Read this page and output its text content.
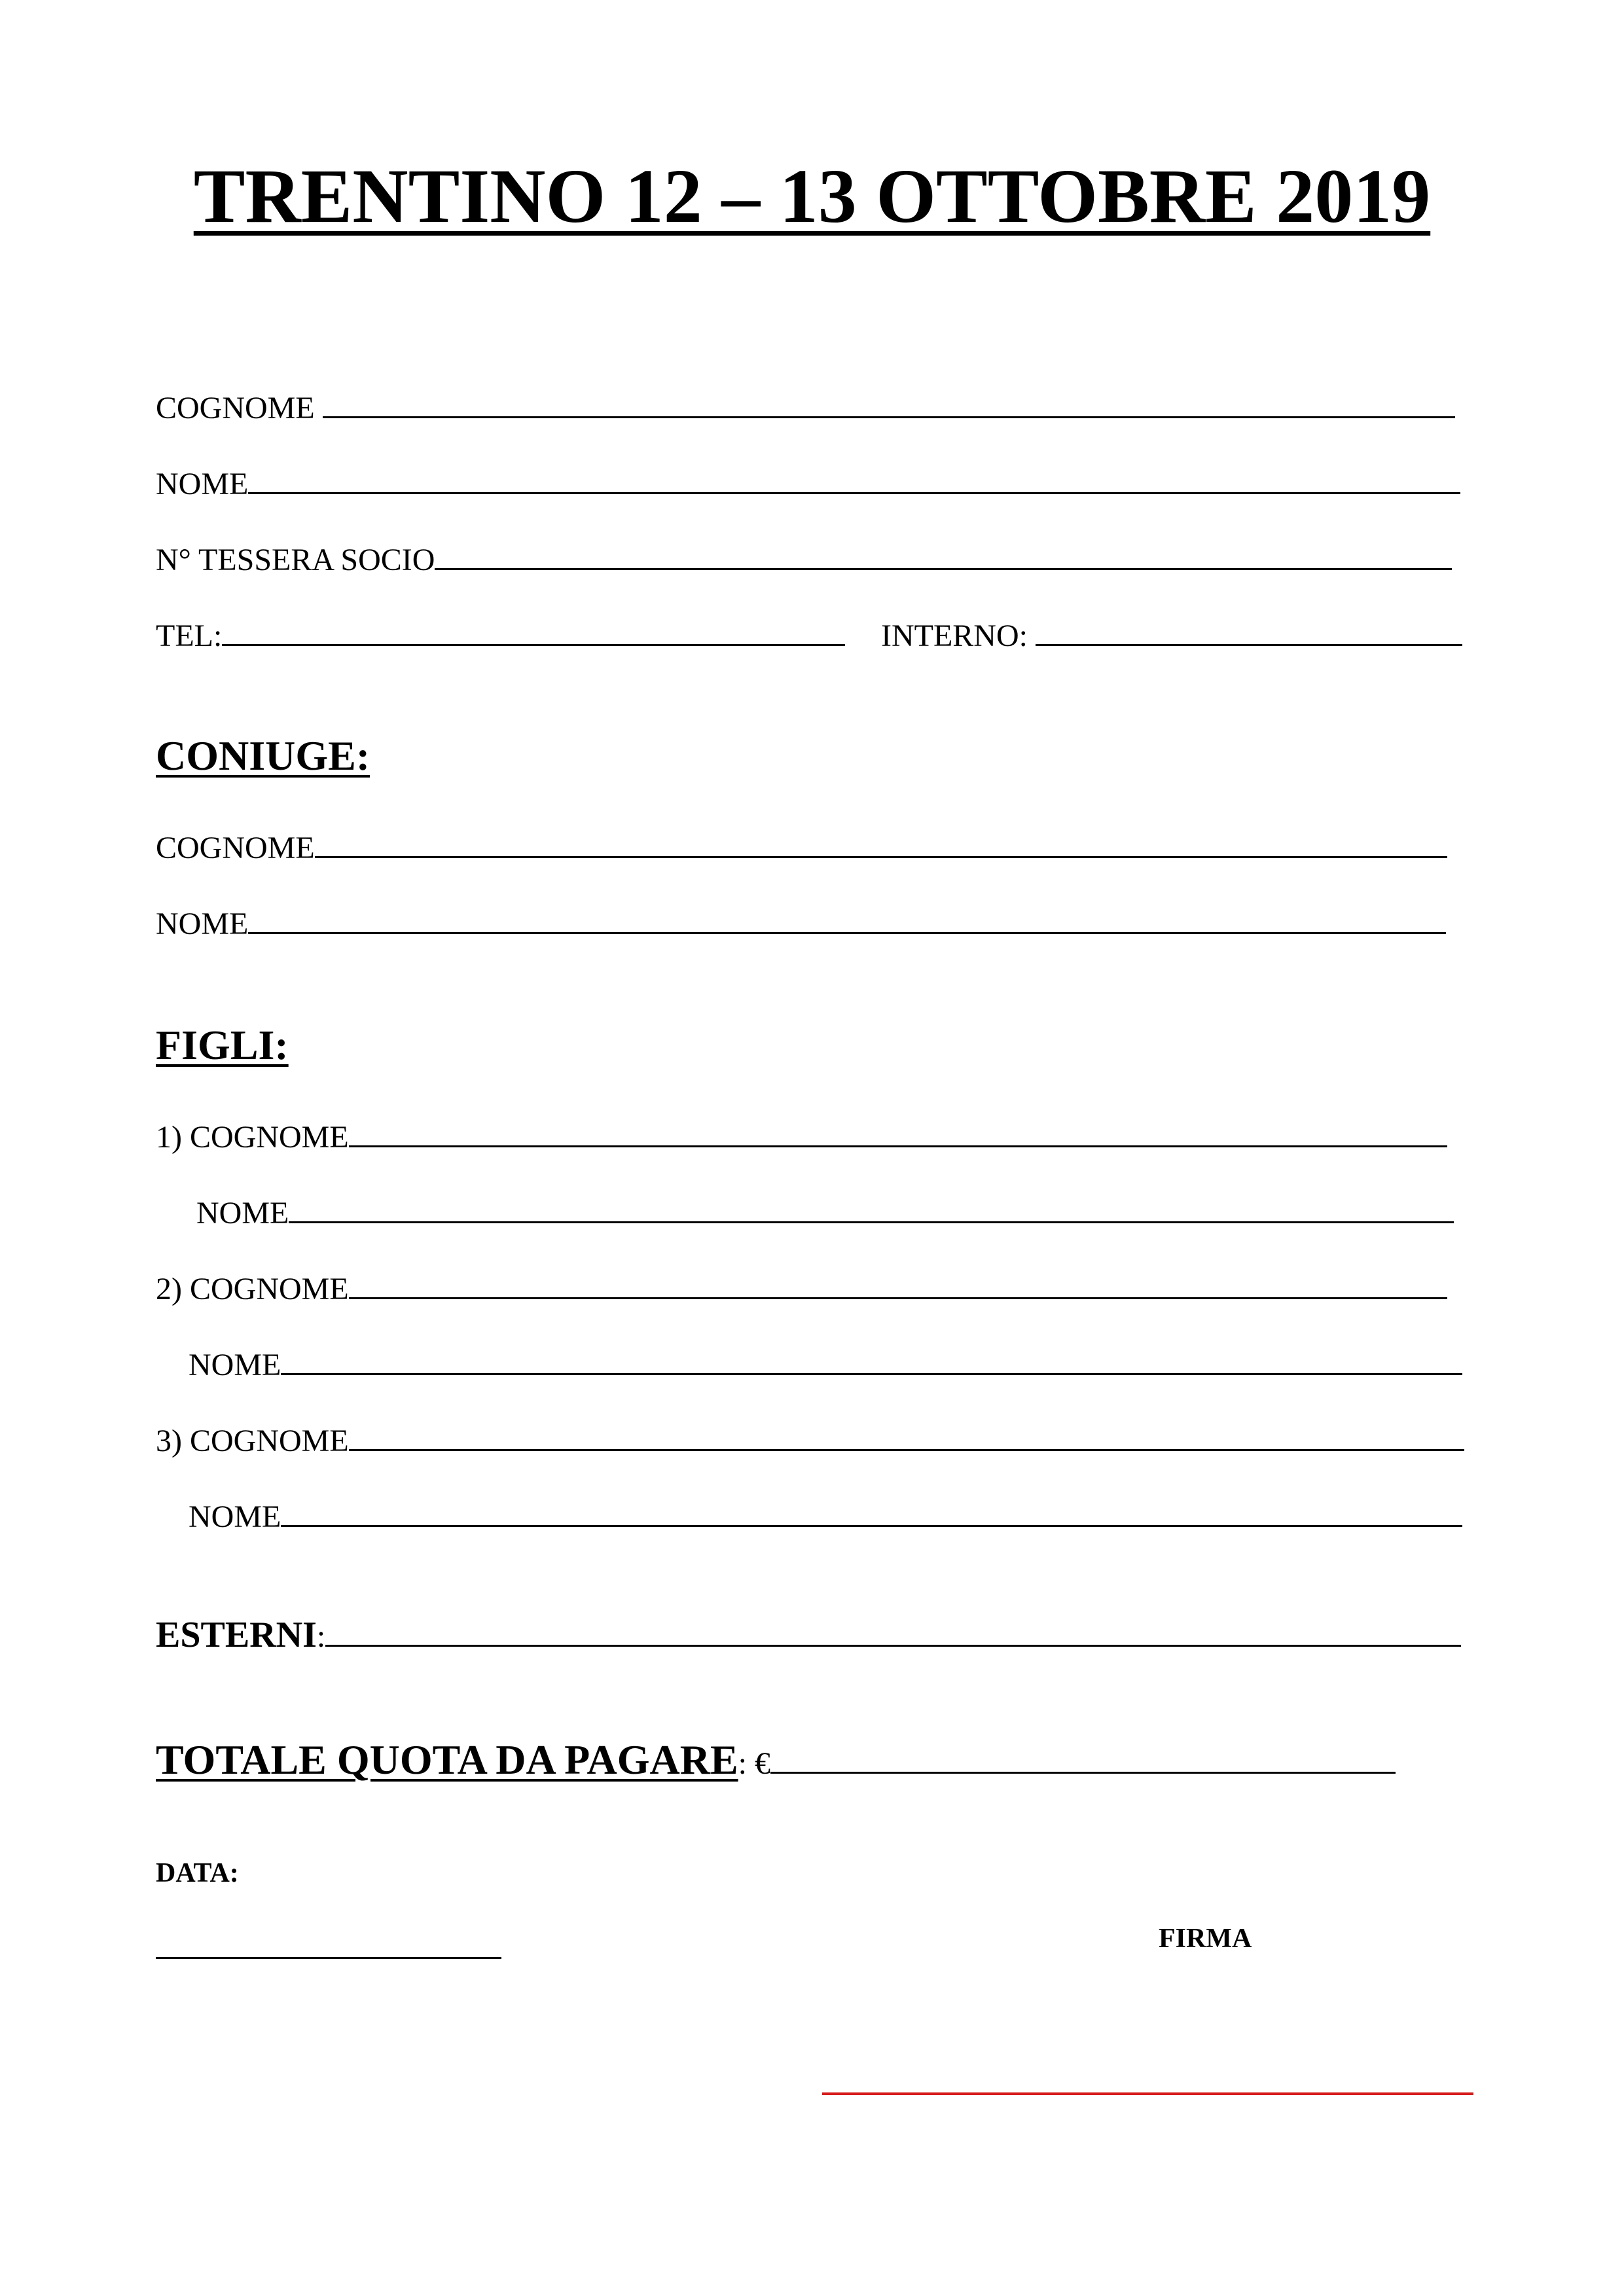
TRENTINO 12 – 13 OTTOBRE 2019
COGNOME
NOME
N° TESSERA SOCIO
TEL:	INTERNO:
CONIUGE:
COGNOME
NOME
FIGLI:
1) COGNOME
NOME
2) COGNOME
NOME
3) COGNOME
NOME
ESTERNI :
TOTALE QUOTA DA PAGARE : €
DATA:
FIRMA
